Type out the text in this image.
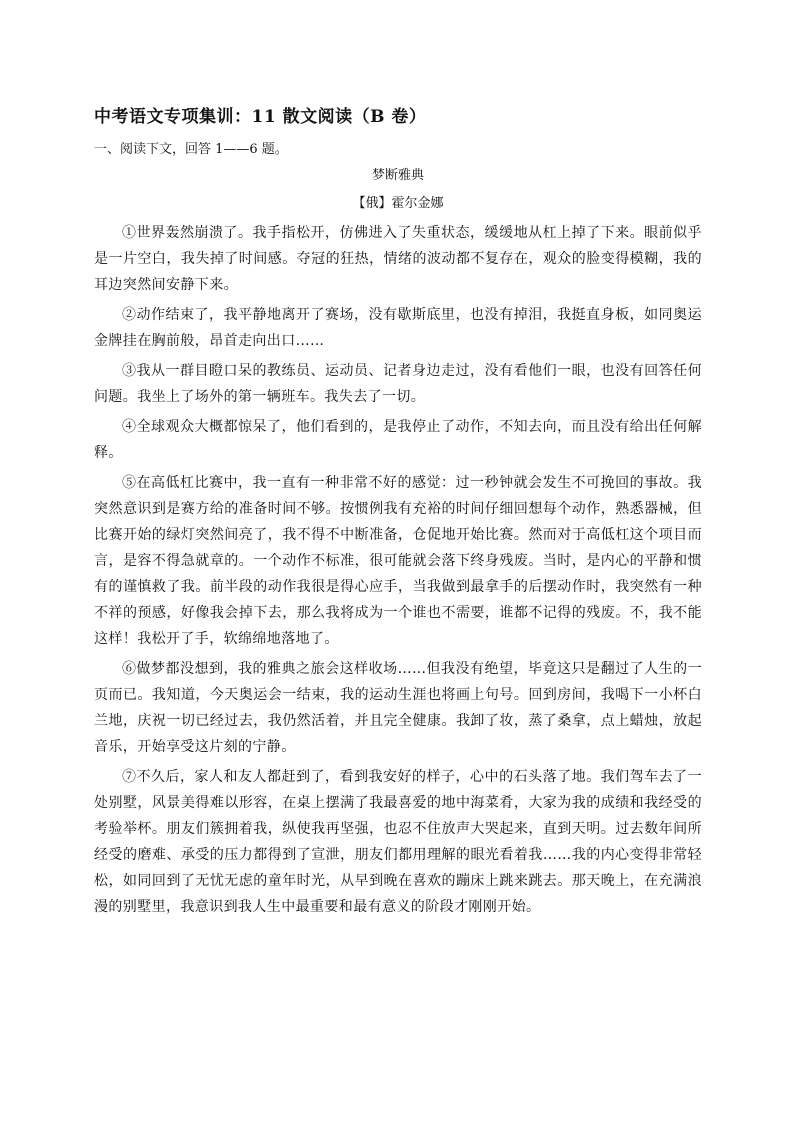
中考语文专项集训：11 散文阅读（B 卷）
一、阅读下文，回答 1——6 题。
梦断雅典
【俄】霍尔金娜

①世界轰然崩溃了。我手指松开，仿佛进入了失重状态，缓缓地从杠上掉了下来。眼前似乎是一片空白，我失掉了时间感。夺冠的狂热，情绪的波动都不复存在，观众的脸变得模糊，我的耳边突然间安静下来。

②动作结束了，我平静地离开了赛场，没有歇斯底里，也没有掉泪，我挺直身板，如同奥运金牌挂在胸前般，昂首走向出口……

③我从一群目瞪口呆的教练员、运动员、记者身边走过，没有看他们一眼，也没有回答任何问题。我坐上了场外的第一辆班车。我失去了一切。

④全球观众大概都惊呆了，他们看到的，是我停止了动作，不知去向，而且没有给出任何解释。

⑤在高低杠比赛中，我一直有一种非常不好的感觉：过一秒钟就会发生不可挽回的事故。我突然意识到是赛方给的准备时间不够。按惯例我有充裕的时间仔细回想每个动作，熟悉器械，但比赛开始的绿灯突然间亮了，我不得不中断准备，仓促地开始比赛。然而对于高低杠这个项目而言，是容不得急就章的。一个动作不标准，很可能就会落下终身残废。当时，是内心的平静和惯有的谨慎救了我。前半段的动作我很是得心应手，当我做到最拿手的后摆动作时，我突然有一种不祥的预感，好像我会掉下去，那么我将成为一个谁也不需要，谁都不记得的残废。不，我不能这样！我松开了手，软绵绵地落地了。

⑥做梦都没想到，我的雅典之旅会这样收场……但我没有绝望，毕竟这只是翻过了人生的一页而已。我知道，今天奥运会一结束，我的运动生涯也将画上句号。回到房间，我喝下一小杯白兰地，庆祝一切已经过去，我仍然活着，并且完全健康。我卸了妆，蒸了桑拿，点上蜡烛，放起音乐，开始享受这片刻的宁静。

⑦不久后，家人和友人都赶到了，看到我安好的样子，心中的石头落了地。我们驾车去了一处别墅，风景美得难以形容，在桌上摆满了我最喜爱的地中海菜肴，大家为我的成绩和我经受的考验举杯。朋友们簇拥着我，纵使我再坚强，也忍不住放声大哭起来，直到天明。过去数年间所经受的磨难、承受的压力都得到了宣泄，朋友们都用理解的眼光看着我……我的内心变得非常轻松，如同回到了无忧无虑的童年时光，从早到晚在喜欢的蹦床上跳来跳去。那天晚上，在充满浪漫的别墅里，我意识到我人生中最重要和最有意义的阶段才刚刚开始。
